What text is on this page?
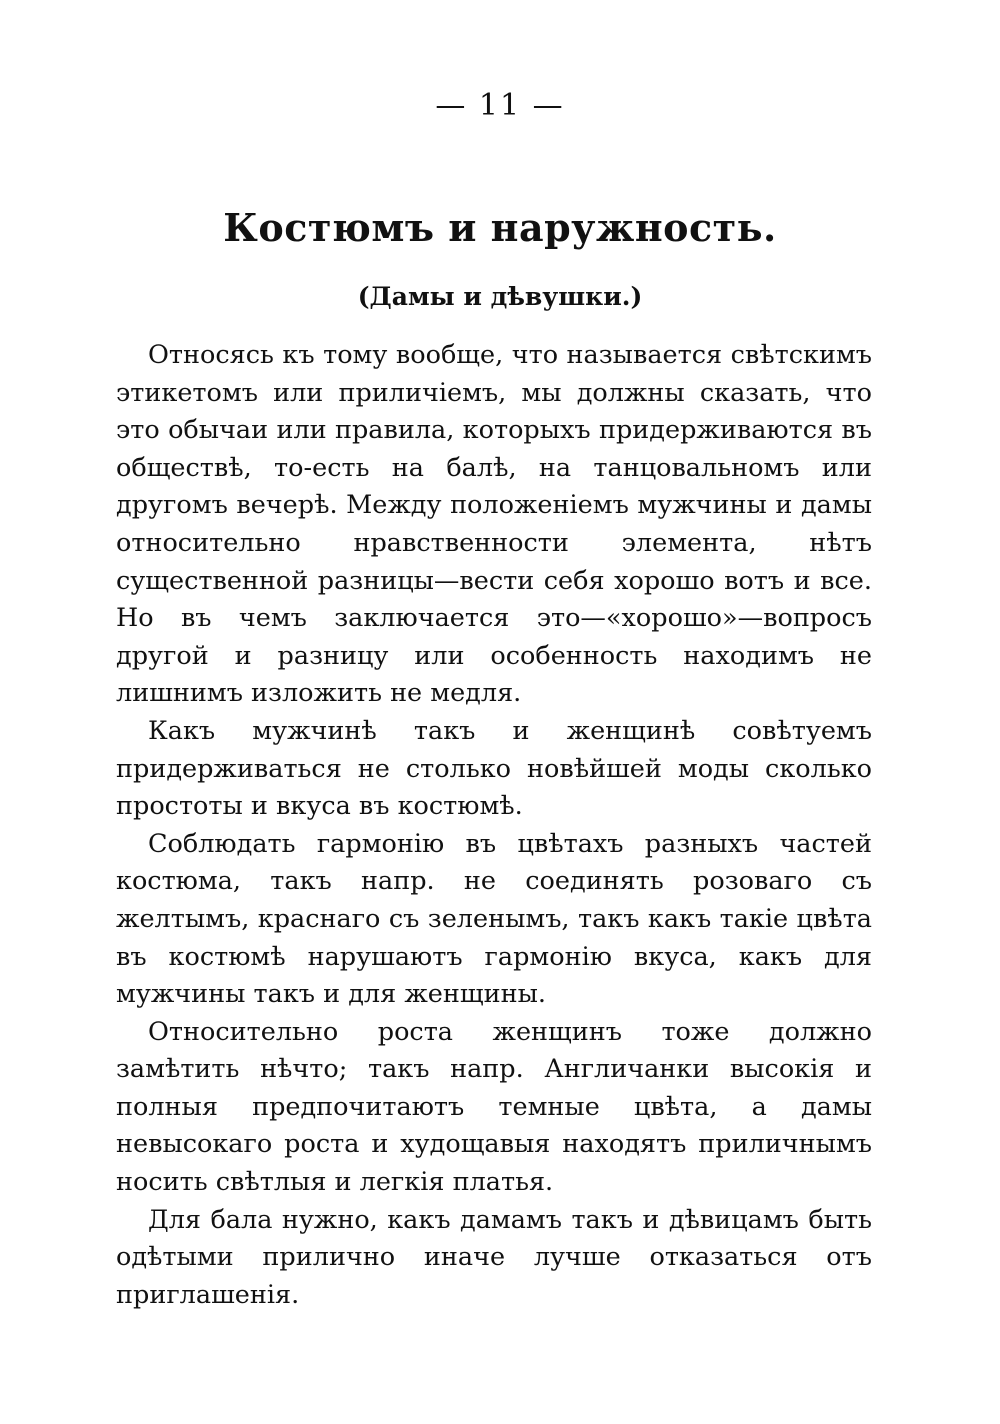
— 11 —
Костюмъ и наружность.
(Дамы и дѣвушки.)

Относясь къ тому вообще, что называется свѣтскимъ этикетомъ или приличіемъ, мы должны сказать, что это обычаи или правила, которыхъ придерживаются въ обществѣ, то-есть на балѣ, на танцовальномъ или другомъ вечерѣ. Между положеніемъ мужчины и дамы относительно нравственности элемента, нѣтъ существенной разницы—вести себя хорошо вотъ и все. Но въ чемъ заключается это—«хорошо»—вопросъ другой и разницу или особенность находимъ не лишнимъ изложить не медля.

Какъ мужчинѣ такъ и женщинѣ совѣтуемъ придерживаться не столько новѣйшей моды сколько простоты и вкуса въ костюмѣ.

Соблюдать гармонію въ цвѣтахъ разныхъ частей костюма, такъ напр. не соединять розоваго съ желтымъ, краснаго съ зеленымъ, такъ какъ такіе цвѣта въ костюмѣ нарушаютъ гармонію вкуса, какъ для мужчины такъ и для женщины.

Относительно роста женщинъ тоже должно замѣтить нѣчто; такъ напр. Англичанки высокія и полныя предпочитаютъ темные цвѣта, а дамы невысокаго роста и худощавыя находятъ приличнымъ носить свѣтлыя и легкія платья.

Для бала нужно, какъ дамамъ такъ и дѣвицамъ быть одѣтыми прилично иначе лучше отказаться отъ приглашенія.
